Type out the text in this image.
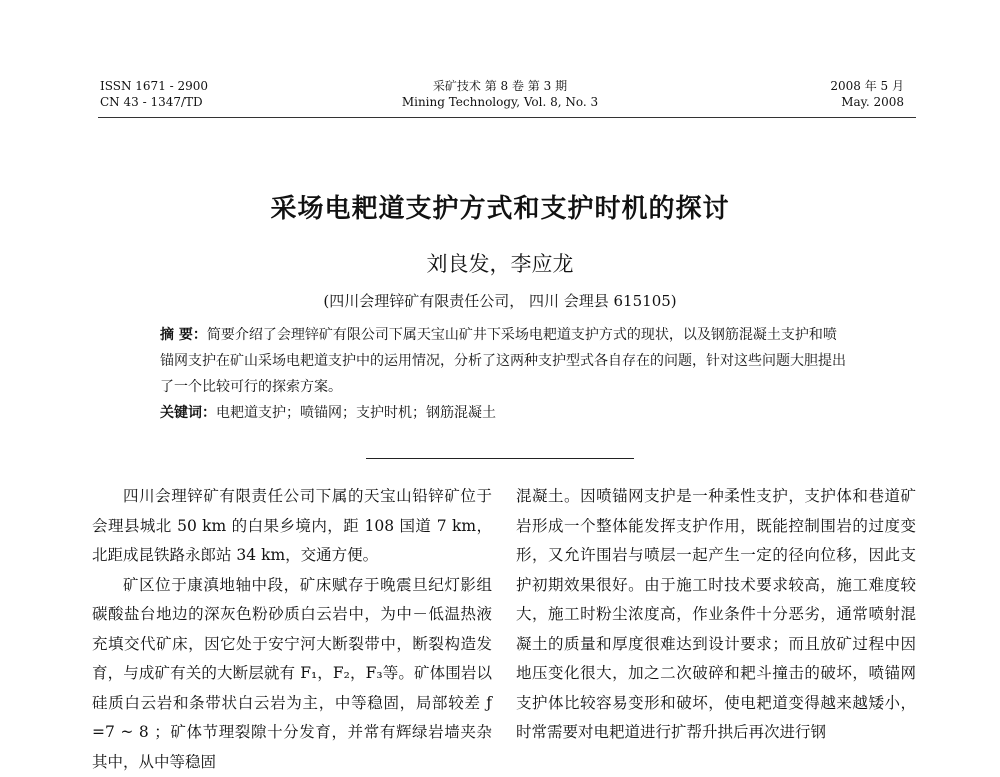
ISSN 1671 - 2900
CN 43 - 1347/TD
采矿技术 第 8 卷 第 3 期
Mining Technology, Vol. 8, No. 3
2008 年 5 月
May. 2008
采场电耙道支护方式和支护时机的探讨
刘良发，李应龙
(四川会理锌矿有限责任公司， 四川 会理县 615105)

摘 要：简要介绍了会理锌矿有限公司下属天宝山矿井下采场电耙道支护方式的现状，以及钢筋混凝土支护和喷锚网支护在矿山采场电耙道支护中的运用情况，分析了这两种支护型式各自存在的问题，针对这些问题大胆提出了一个比较可行的探索方案。

关键词：电耙道支护；喷锚网；支护时机；钢筋混凝土

四川会理锌矿有限责任公司下属的天宝山铅锌矿位于会理县城北 50 km 的白果乡境内，距 108 国道 7 km，北距成昆铁路永郎站 34 km，交通方便。

矿区位于康滇地轴中段，矿床赋存于晚震旦纪灯影组碳酸盐台地边的深灰色粉砂质白云岩中，为中－低温热液充填交代矿床，因它处于安宁河大断裂带中，断裂构造发育，与成矿有关的大断层就有 F₁，F₂，F₃等。矿体围岩以硅质白云岩和条带状白云岩为主，中等稳固，局部较差 ƒ =7 ~ 8 ；矿体节理裂隙十分发育，并常有辉绿岩墙夹杂其中，从中等稳固

混凝土。因喷锚网支护是一种柔性支护，支护体和巷道矿岩形成一个整体能发挥支护作用，既能控制围岩的过度变形，又允许围岩与喷层一起产生一定的径向位移，因此支护初期效果很好。由于施工时技术要求较高，施工难度较大，施工时粉尘浓度高，作业条件十分恶劣，通常喷射混凝土的质量和厚度很难达到设计要求；而且放矿过程中因地压变化很大，加之二次破碎和耙斗撞击的破坏，喷锚网支护体比较容易变形和破坏，使电耙道变得越来越矮小，时常需要对电耙道进行扩帮升拱后再次进行钢
